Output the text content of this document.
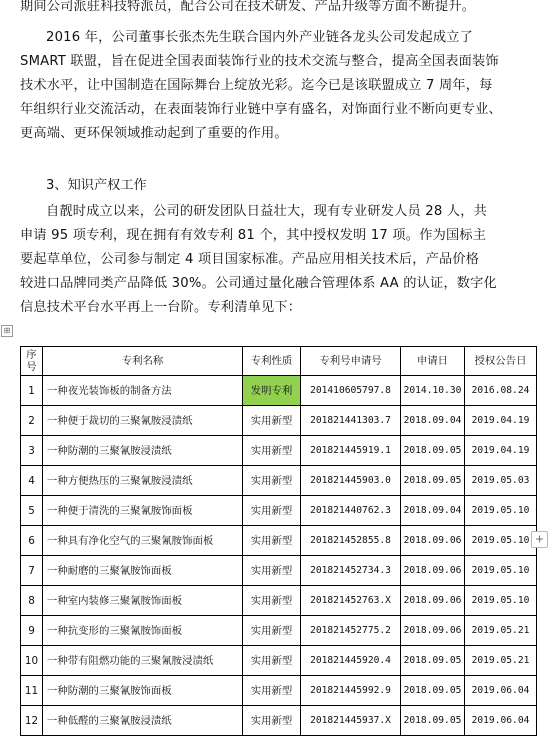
期间公司派驻科技特派员，配合公司在技术研发、产品升级等方面不断提升。
2016 年，公司董事长张杰先生联合国内外产业链各龙头公司发起成立了
SMART 联盟，旨在促进全国表面装饰行业的技术交流与整合，提高全国表面装饰
技术水平，让中国制造在国际舞台上绽放光彩。迄今已是该联盟成立 7 周年，每
年组织行业交流活动，在表面装饰行业链中享有盛名，对饰面行业不断向更专业、
更高端、更环保领域推动起到了重要的作用。
3、知识产权工作
自靓时成立以来，公司的研发团队日益壮大，现有专业研发人员 28 人，共
申请 95 项专利，现在拥有有效专利 81 个，其中授权发明 17 项。作为国标主
要起草单位，公司参与制定 4 项目国家标准。产品应用相关技术后，产品价格
较进口品牌同类产品降低 30%。公司通过量化融合管理体系 AA 的认证，数字化
信息技术平台水平再上一台阶。专利清单见下：
⊞
序号	专利名称	专利性质	专利号申请号	申请日	授权公告日
1	一种夜光装饰板的制备方法	发明专利	201410605797.8	2014.10.30	2016.08.24
2	一种便于裁切的三聚氰胺浸渍纸	实用新型	201821441303.7	2018.09.04	2019.04.19
3	一种防潮的三聚氰胺浸渍纸	实用新型	201821445919.1	2018.09.05	2019.04.19
4	一种方便热压的三聚氰胺浸渍纸	实用新型	201821445903.0	2018.09.05	2019.05.03
5	一种便于清洗的三聚氰胺饰面板	实用新型	201821440762.3	2018.09.04	2019.05.10
6	一种具有净化空气的三聚氰胺饰面板	实用新型	201821452855.8	2018.09.06	2019.05.10
7	一种耐磨的三聚氰胺饰面板	实用新型	201821452734.3	2018.09.06	2019.05.10
8	一种室内装修三聚氰胺饰面板	实用新型	201821452763.X	2018.09.06	2019.05.10
9	一种抗变形的三聚氰胺饰面板	实用新型	201821452775.2	2018.09.06	2019.05.21
10	一种带有阻燃功能的三聚氰胺浸渍纸	实用新型	201821445920.4	2018.09.05	2019.05.21
11	一种防潮的三聚氰胺饰面板	实用新型	201821445992.9	2018.09.05	2019.06.04
12	一种低醛的三聚氰胺浸渍纸	实用新型	201821445937.X	2018.09.05	2019.06.04
+
